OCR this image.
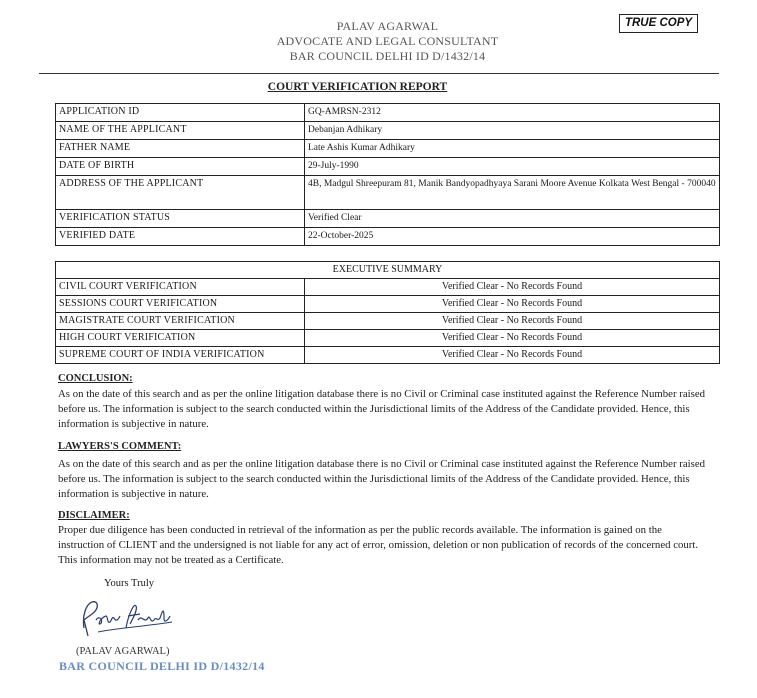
TRUE COPY
PALAV AGARWAL
ADVOCATE AND LEGAL CONSULTANT
BAR COUNCIL DELHI ID D/1432/14
COURT VERIFICATION REPORT
APPLICATION ID	GQ-AMRSN-2312
NAME OF THE APPLICANT	Debanjan Adhikary
FATHER NAME	Late Ashis Kumar Adhikary
DATE OF BIRTH	29-July-1990
ADDRESS OF THE APPLICANT	4B, Madgul Shreepuram 81, Manik Bandyopadhyaya Sarani Moore Avenue Kolkata West Bengal - 700040
VERIFICATION STATUS	Verified Clear
VERIFIED DATE	22-October-2025
EXECUTIVE SUMMARY	
CIVIL COURT VERIFICATION	Verified Clear - No Records Found
SESSIONS COURT VERIFICATION	Verified Clear - No Records Found
MAGISTRATE COURT VERIFICATION	Verified Clear - No Records Found
HIGH COURT VERIFICATION	Verified Clear - No Records Found
SUPREME COURT OF INDIA VERIFICATION	Verified Clear - No Records Found
CONCLUSION:
As on the date of this search and as per the online litigation database there is no Civil or Criminal case instituted against the Reference Number raised before us. The information is subject to the search conducted within the Jurisdictional limits of the Address of the Candidate provided. Hence, this information is subjective in nature.
LAWYERS'S COMMENT:
As on the date of this search and as per the online litigation database there is no Civil or Criminal case instituted against the Reference Number raised before us. The information is subject to the search conducted within the Jurisdictional limits of the Address of the Candidate provided. Hence, this information is subjective in nature.
DISCLAIMER:
Proper due diligence has been conducted in retrieval of the information as per the public records available. The information is gained on the instruction of CLIENT and the undersigned is not liable for any act of error, omission, deletion or non publication of records of the concerned court. This information may not be treated as a Certificate.
Yours Truly
(PALAV AGARWAL)
BAR COUNCIL DELHI ID D/1432/14
